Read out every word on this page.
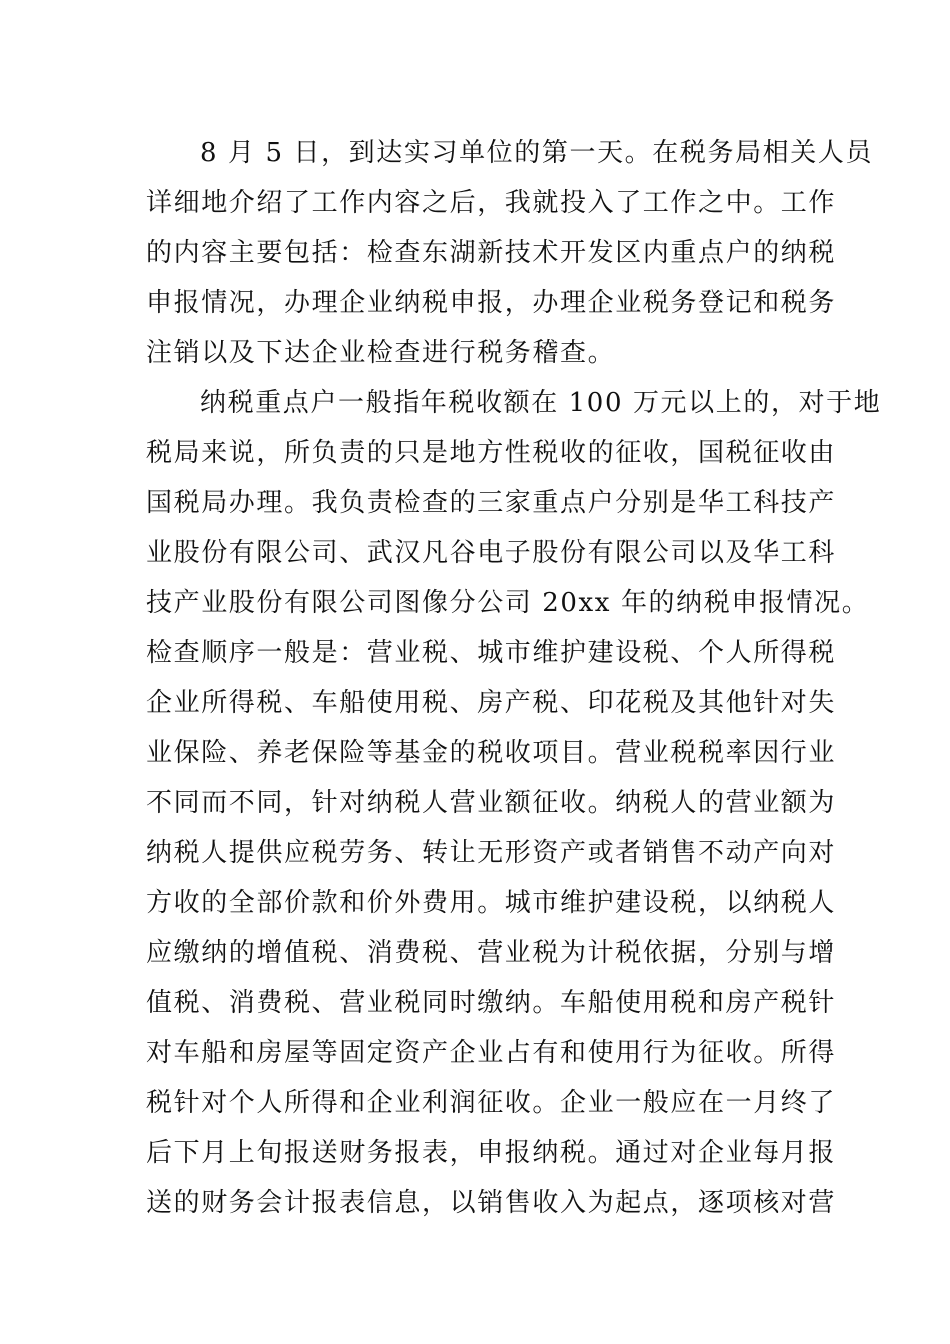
8 月 5 日，到达实习单位的第一天。在税务局相关人员
详细地介绍了工作内容之后，我就投入了工作之中。工作
的内容主要包括：检查东湖新技术开发区内重点户的纳税
申报情况，办理企业纳税申报，办理企业税务登记和税务
注销以及下达企业检查进行税务稽查。
纳税重点户一般指年税收额在 100 万元以上的，对于地
税局来说，所负责的只是地方性税收的征收，国税征收由
国税局办理。我负责检查的三家重点户分别是华工科技产
业股份有限公司、武汉凡谷电子股份有限公司以及华工科
技产业股份有限公司图像分公司 20xx 年的纳税申报情况。
检查顺序一般是：营业税、城市维护建设税、个人所得税
企业所得税、车船使用税、房产税、印花税及其他针对失
业保险、养老保险等基金的税收项目。营业税税率因行业
不同而不同，针对纳税人营业额征收。纳税人的营业额为
纳税人提供应税劳务、转让无形资产或者销售不动产向对
方收的全部价款和价外费用。城市维护建设税，以纳税人
应缴纳的增值税、消费税、营业税为计税依据，分别与增
值税、消费税、营业税同时缴纳。车船使用税和房产税针
对车船和房屋等固定资产企业占有和使用行为征收。所得
税针对个人所得和企业利润征收。企业一般应在一月终了
后下月上旬报送财务报表，申报纳税。通过对企业每月报
送的财务会计报表信息，以销售收入为起点，逐项核对营
